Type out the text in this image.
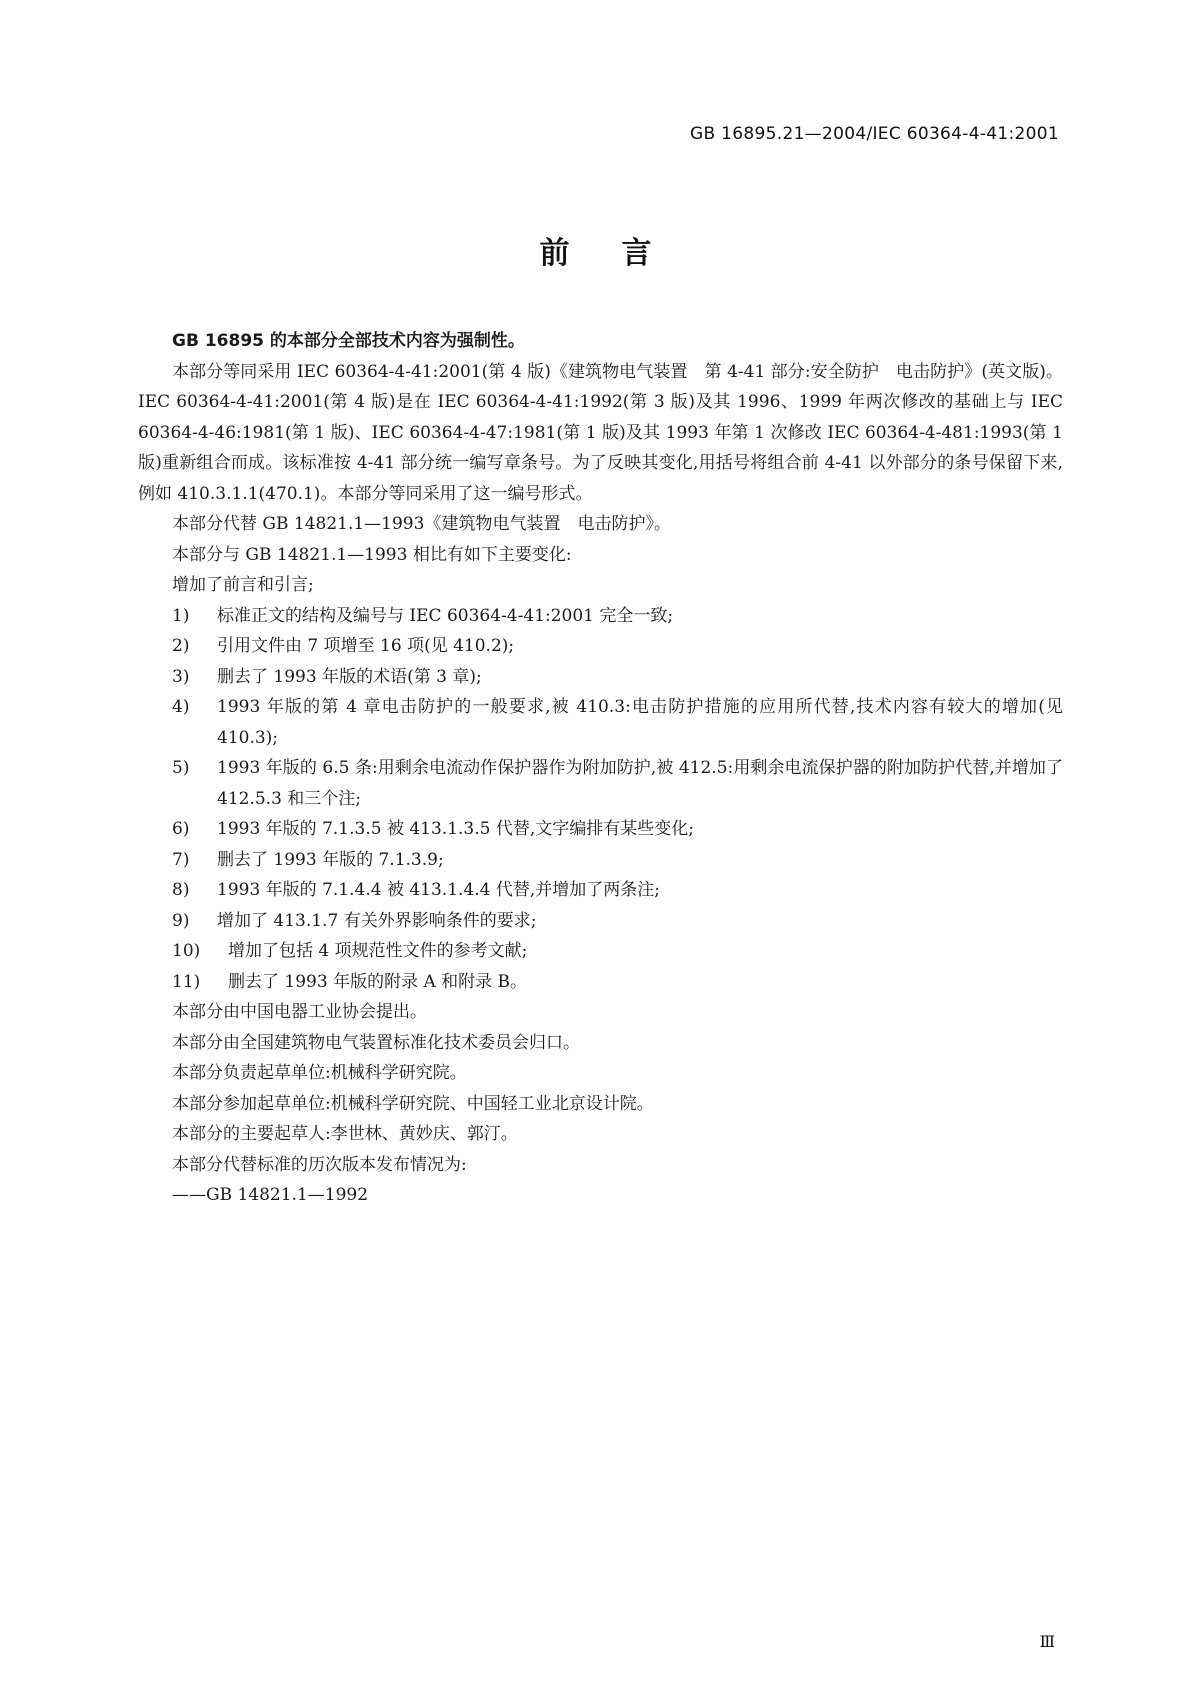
GB 16895.21—2004/IEC 60364-4-41:2001
前言

GB 16895 的本部分全部技术内容为强制性。

本部分等同采用 IEC 60364-4-41:2001(第 4 版)《建筑物电气装置　第 4-41 部分:安全防护　电击防护》(英文版)。IEC 60364-4-41:2001(第 4 版)是在 IEC 60364-4-41:1992(第 3 版)及其 1996、1999 年两次修改的基础上与 IEC 60364-4-46:1981(第 1 版)、IEC 60364-4-47:1981(第 1 版)及其 1993 年第 1 次修改 IEC 60364-4-481:1993(第 1 版)重新组合而成。该标准按 4-41 部分统一编写章条号。为了反映其变化,用括号将组合前 4-41 以外部分的条号保留下来,例如 410.3.1.1(470.1)。本部分等同采用了这一编号形式。

本部分代替 GB 14821.1—1993《建筑物电气装置　电击防护》。

本部分与 GB 14821.1—1993 相比有如下主要变化:

增加了前言和引言;

1) 标准正文的结构及编号与 IEC 60364-4-41:2001 完全一致;

2) 引用文件由 7 项增至 16 项(见 410.2);

3) 删去了 1993 年版的术语(第 3 章);

4) 1993 年版的第 4 章电击防护的一般要求,被 410.3:电击防护措施的应用所代替,技术内容有较大的增加(见 410.3);

5) 1993 年版的 6.5 条:用剩余电流动作保护器作为附加防护,被 412.5:用剩余电流保护器的附加防护代替,并增加了 412.5.3 和三个注;

6) 1993 年版的 7.1.3.5 被 413.1.3.5 代替,文字编排有某些变化;

7) 删去了 1993 年版的 7.1.3.9;

8) 1993 年版的 7.1.4.4 被 413.1.4.4 代替,并增加了两条注;

9) 增加了 413.1.7 有关外界影响条件的要求;

10) 增加了包括 4 项规范性文件的参考文献;

11) 删去了 1993 年版的附录 A 和附录 B。

本部分由中国电器工业协会提出。

本部分由全国建筑物电气装置标准化技术委员会归口。

本部分负责起草单位:机械科学研究院。

本部分参加起草单位:机械科学研究院、中国轻工业北京设计院。

本部分的主要起草人:李世林、黄妙庆、郭汀。

本部分代替标准的历次版本发布情况为:

——GB 14821.1—1992

Ⅲ
